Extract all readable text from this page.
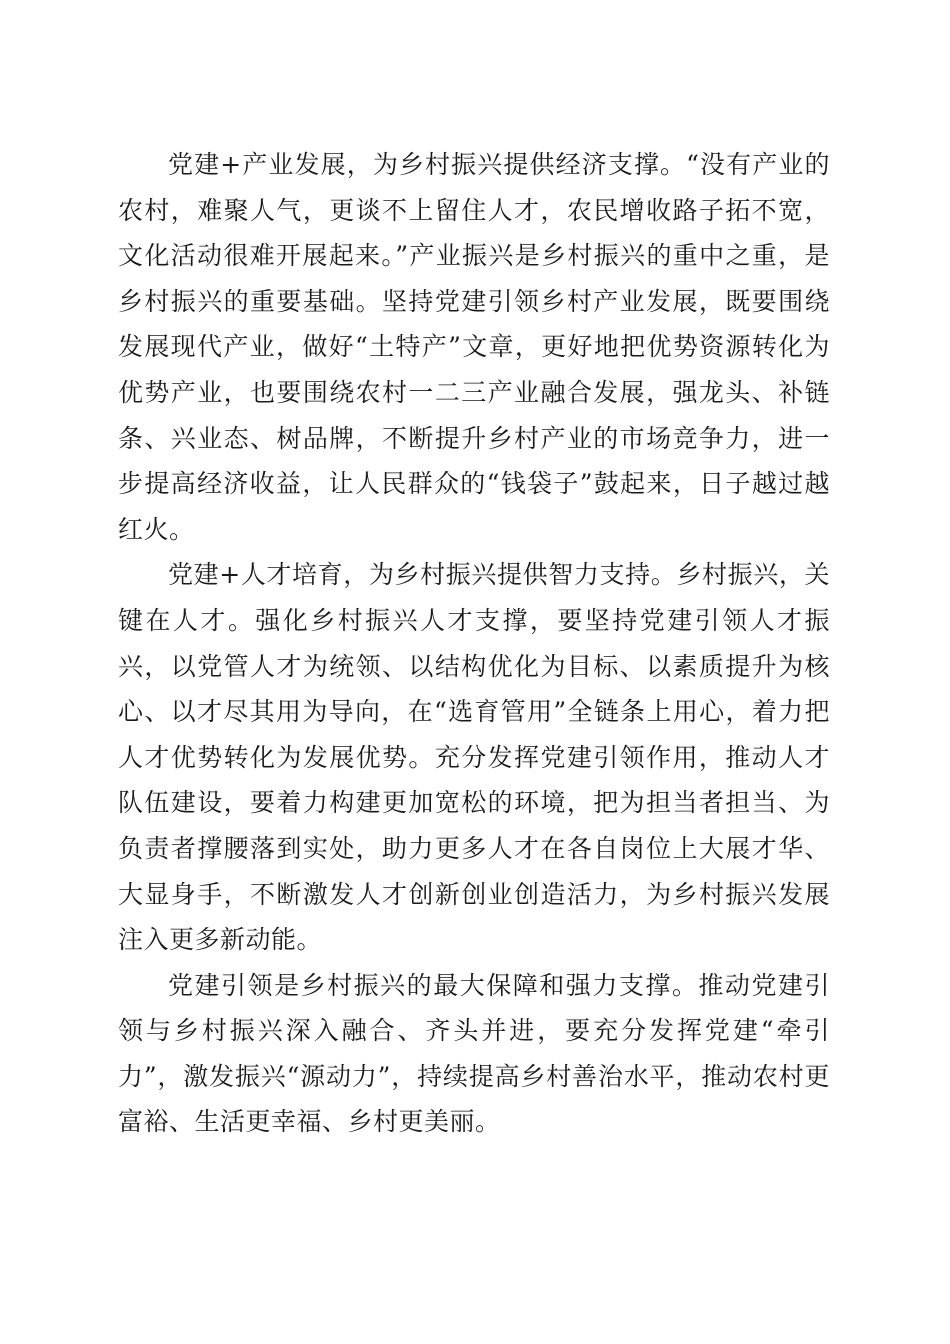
党建+产业发展，为乡村振兴提供经济支撑。“没有产业的农村，难聚人气，更谈不上留住人才，农民增收路子拓不宽，文化活动很难开展起来。”产业振兴是乡村振兴的重中之重，是乡村振兴的重要基础。坚持党建引领乡村产业发展，既要围绕发展现代产业，做好“土特产”文章，更好地把优势资源转化为优势产业，也要围绕农村一二三产业融合发展，强龙头、补链条、兴业态、树品牌，不断提升乡村产业的市场竞争力，进一步提高经济收益，让人民群众的“钱袋子”鼓起来，日子越过越红火。

党建+人才培育，为乡村振兴提供智力支持。乡村振兴，关键在人才。强化乡村振兴人才支撑，要坚持党建引领人才振兴，以党管人才为统领、以结构优化为目标、以素质提升为核心、以才尽其用为导向，在“选育管用”全链条上用心，着力把人才优势转化为发展优势。充分发挥党建引领作用，推动人才队伍建设，要着力构建更加宽松的环境，把为担当者担当、为负责者撑腰落到实处，助力更多人才在各自岗位上大展才华、大显身手，不断激发人才创新创业创造活力，为乡村振兴发展注入更多新动能。

党建引领是乡村振兴的最大保障和强力支撑。推动党建引领与乡村振兴深入融合、齐头并进，要充分发挥党建“牵引力”，激发振兴“源动力”，持续提高乡村善治水平，推动农村更富裕、生活更幸福、乡村更美丽。
